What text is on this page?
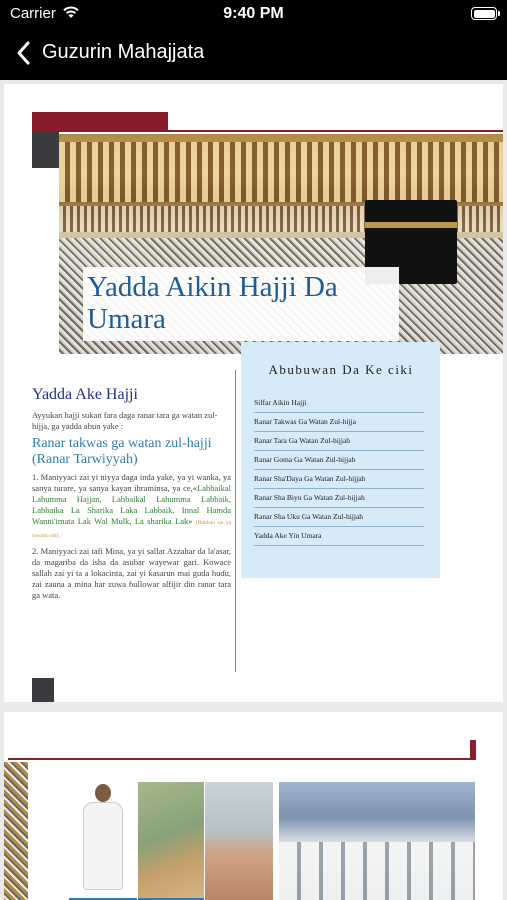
Carrier	9:40 PM
Guzurin Mahajjata
Yadda Aikin Hajji Da Umara
Yadda Ake Hajji
Ayyukan hajji sukan fara daga ranar tara ga watan zul-hijja, ga yadda abun yake :
Ranar takwas ga watan zul-hajji (Ranar Tarwiyyah)
1. Maniyyaci zai yi niyya daga inda yake, ya yi wanka, ya sanya turare, ya sanya kayan ihraminsa, ya ce,«Labbaikal Lahumma Hajjan, Labbaikal Lahumma Labbaik, Labbaika La Sharika Laka Labbaik, Innal Hamda Wanni'imata Lak Wal Mulk, La sharika Lak» (Bukhari ne ya ruwaito shi).
2. Maniyyaci zai tafi Mina, ya yi sallar Azzahar da la'asar, da magariba da isha da asubar wayewar gari. Kowace sallah zai yi ta a lokacinta, zai yi ƙasarun mai guda huɗu, zai zauna a mina har zuwa ɓullowar alfijir din ranar tara ga wata.
Abubuwan Da Ke ciki
Siffar Aikin Hajji
Ranar Takwas Ga Watan Zul-hijja
Ranar Tara Ga Watan Zul-hijjah
Ranar Goma Ga Watan Zul-hijjah
Ranar Sha'Daya Ga Watan Zul-hijjah
Ranar Sha Biyu Ga Watan Zul-hijjah
Ranar Sha Uku Ga Watan Zul-hijjah
Yadda Ake Yin Umara
